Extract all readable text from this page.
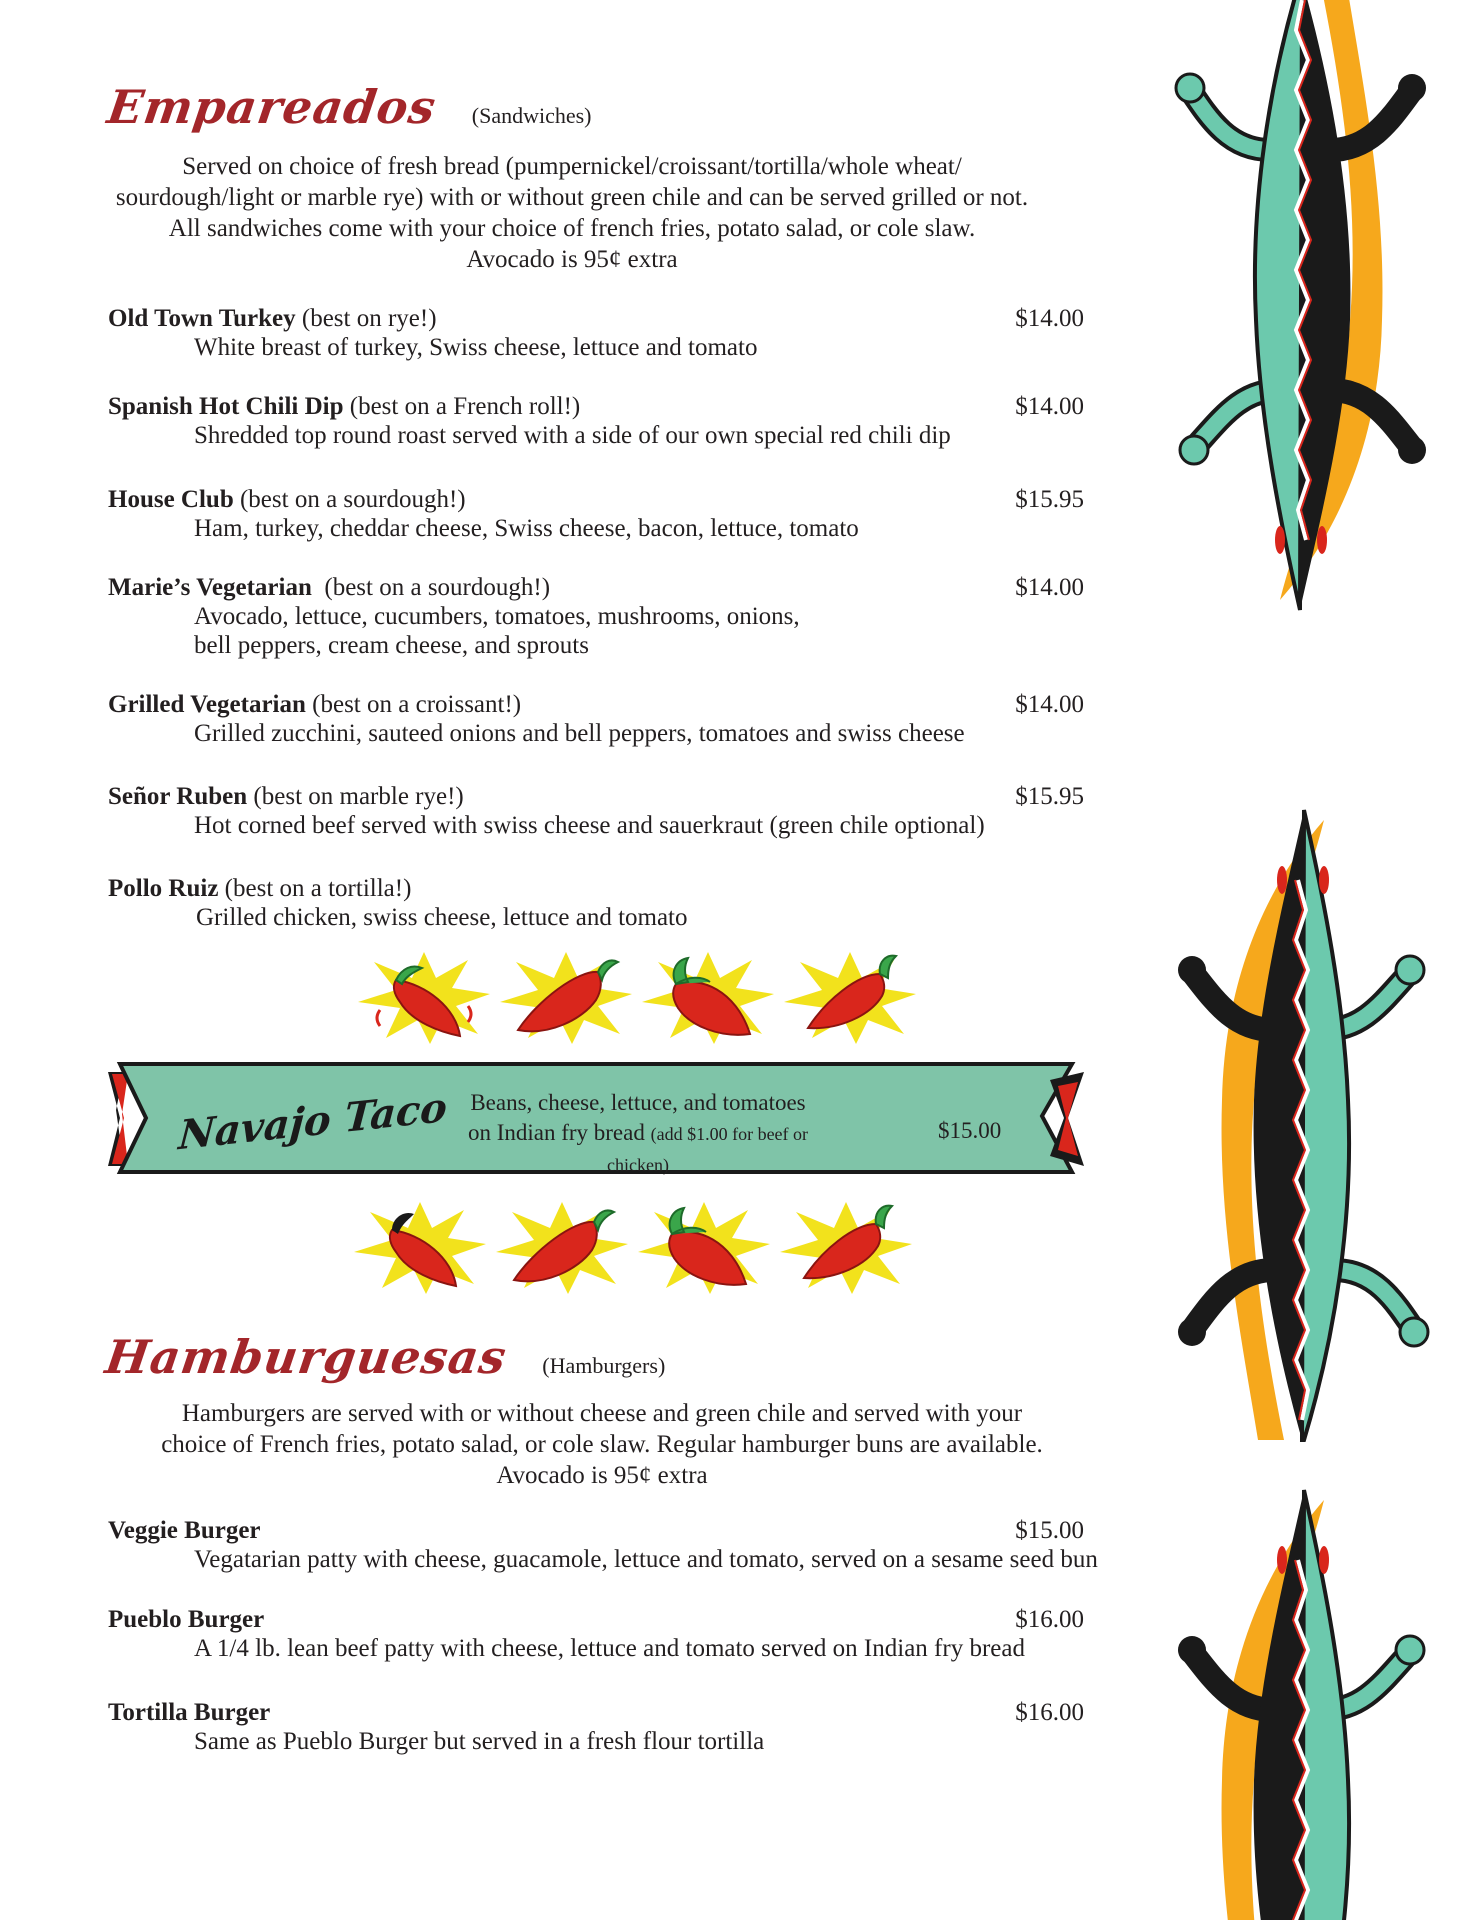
Empareados (Sandwiches)
Served on choice of fresh bread (pumpernickel/croissant/tortilla/whole wheat/
sourdough/light or marble rye) with or without green chile and can be served grilled or not.
All sandwiches come with your choice of french fries, potato salad, or cole slaw.
Avocado is 95¢ extra
Old Town Turkey (best on rye!)	$14.00
White breast of turkey, Swiss cheese, lettuce and tomato
Spanish Hot Chili Dip (best on a French roll!)	$14.00
Shredded top round roast served with a side of our own special red chili dip
House Club (best on a sourdough!)	$15.95
Ham, turkey, cheddar cheese, Swiss cheese, bacon, lettuce, tomato
Marie’s Vegetarian  (best on a sourdough!)	$14.00
Avocado, lettuce, cucumbers, tomatoes, mushrooms, onions,
bell peppers, cream cheese, and sprouts
Grilled Vegetarian (best on a croissant!)	$14.00
Grilled zucchini, sauteed onions and bell peppers, tomatoes and swiss cheese
Señor Ruben (best on marble rye!)	$15.95
Hot corned beef served with swiss cheese and sauerkraut (green chile optional)
Pollo Ruiz (best on a tortilla!)
Grilled chicken, swiss cheese, lettuce and tomato
Hamburguesas (Hamburgers)
Hamburgers are served with or without cheese and green chile and served with your
choice of French fries, potato salad, or cole slaw. Regular hamburger buns are available.
Avocado is 95¢ extra
Veggie Burger	$15.00
Vegatarian patty with cheese, guacamole, lettuce and tomato, served on a sesame seed bun
Pueblo Burger	$16.00
A 1/4 lb. lean beef patty with cheese, lettuce and tomato served on Indian fry bread
Tortilla Burger	$16.00
Same as Pueblo Burger but served in a fresh flour tortilla
Navajo Taco Beans, cheese, lettuce, and tomatoes
on Indian fry bread (add $1.00 for beef or chicken)
$15.00
